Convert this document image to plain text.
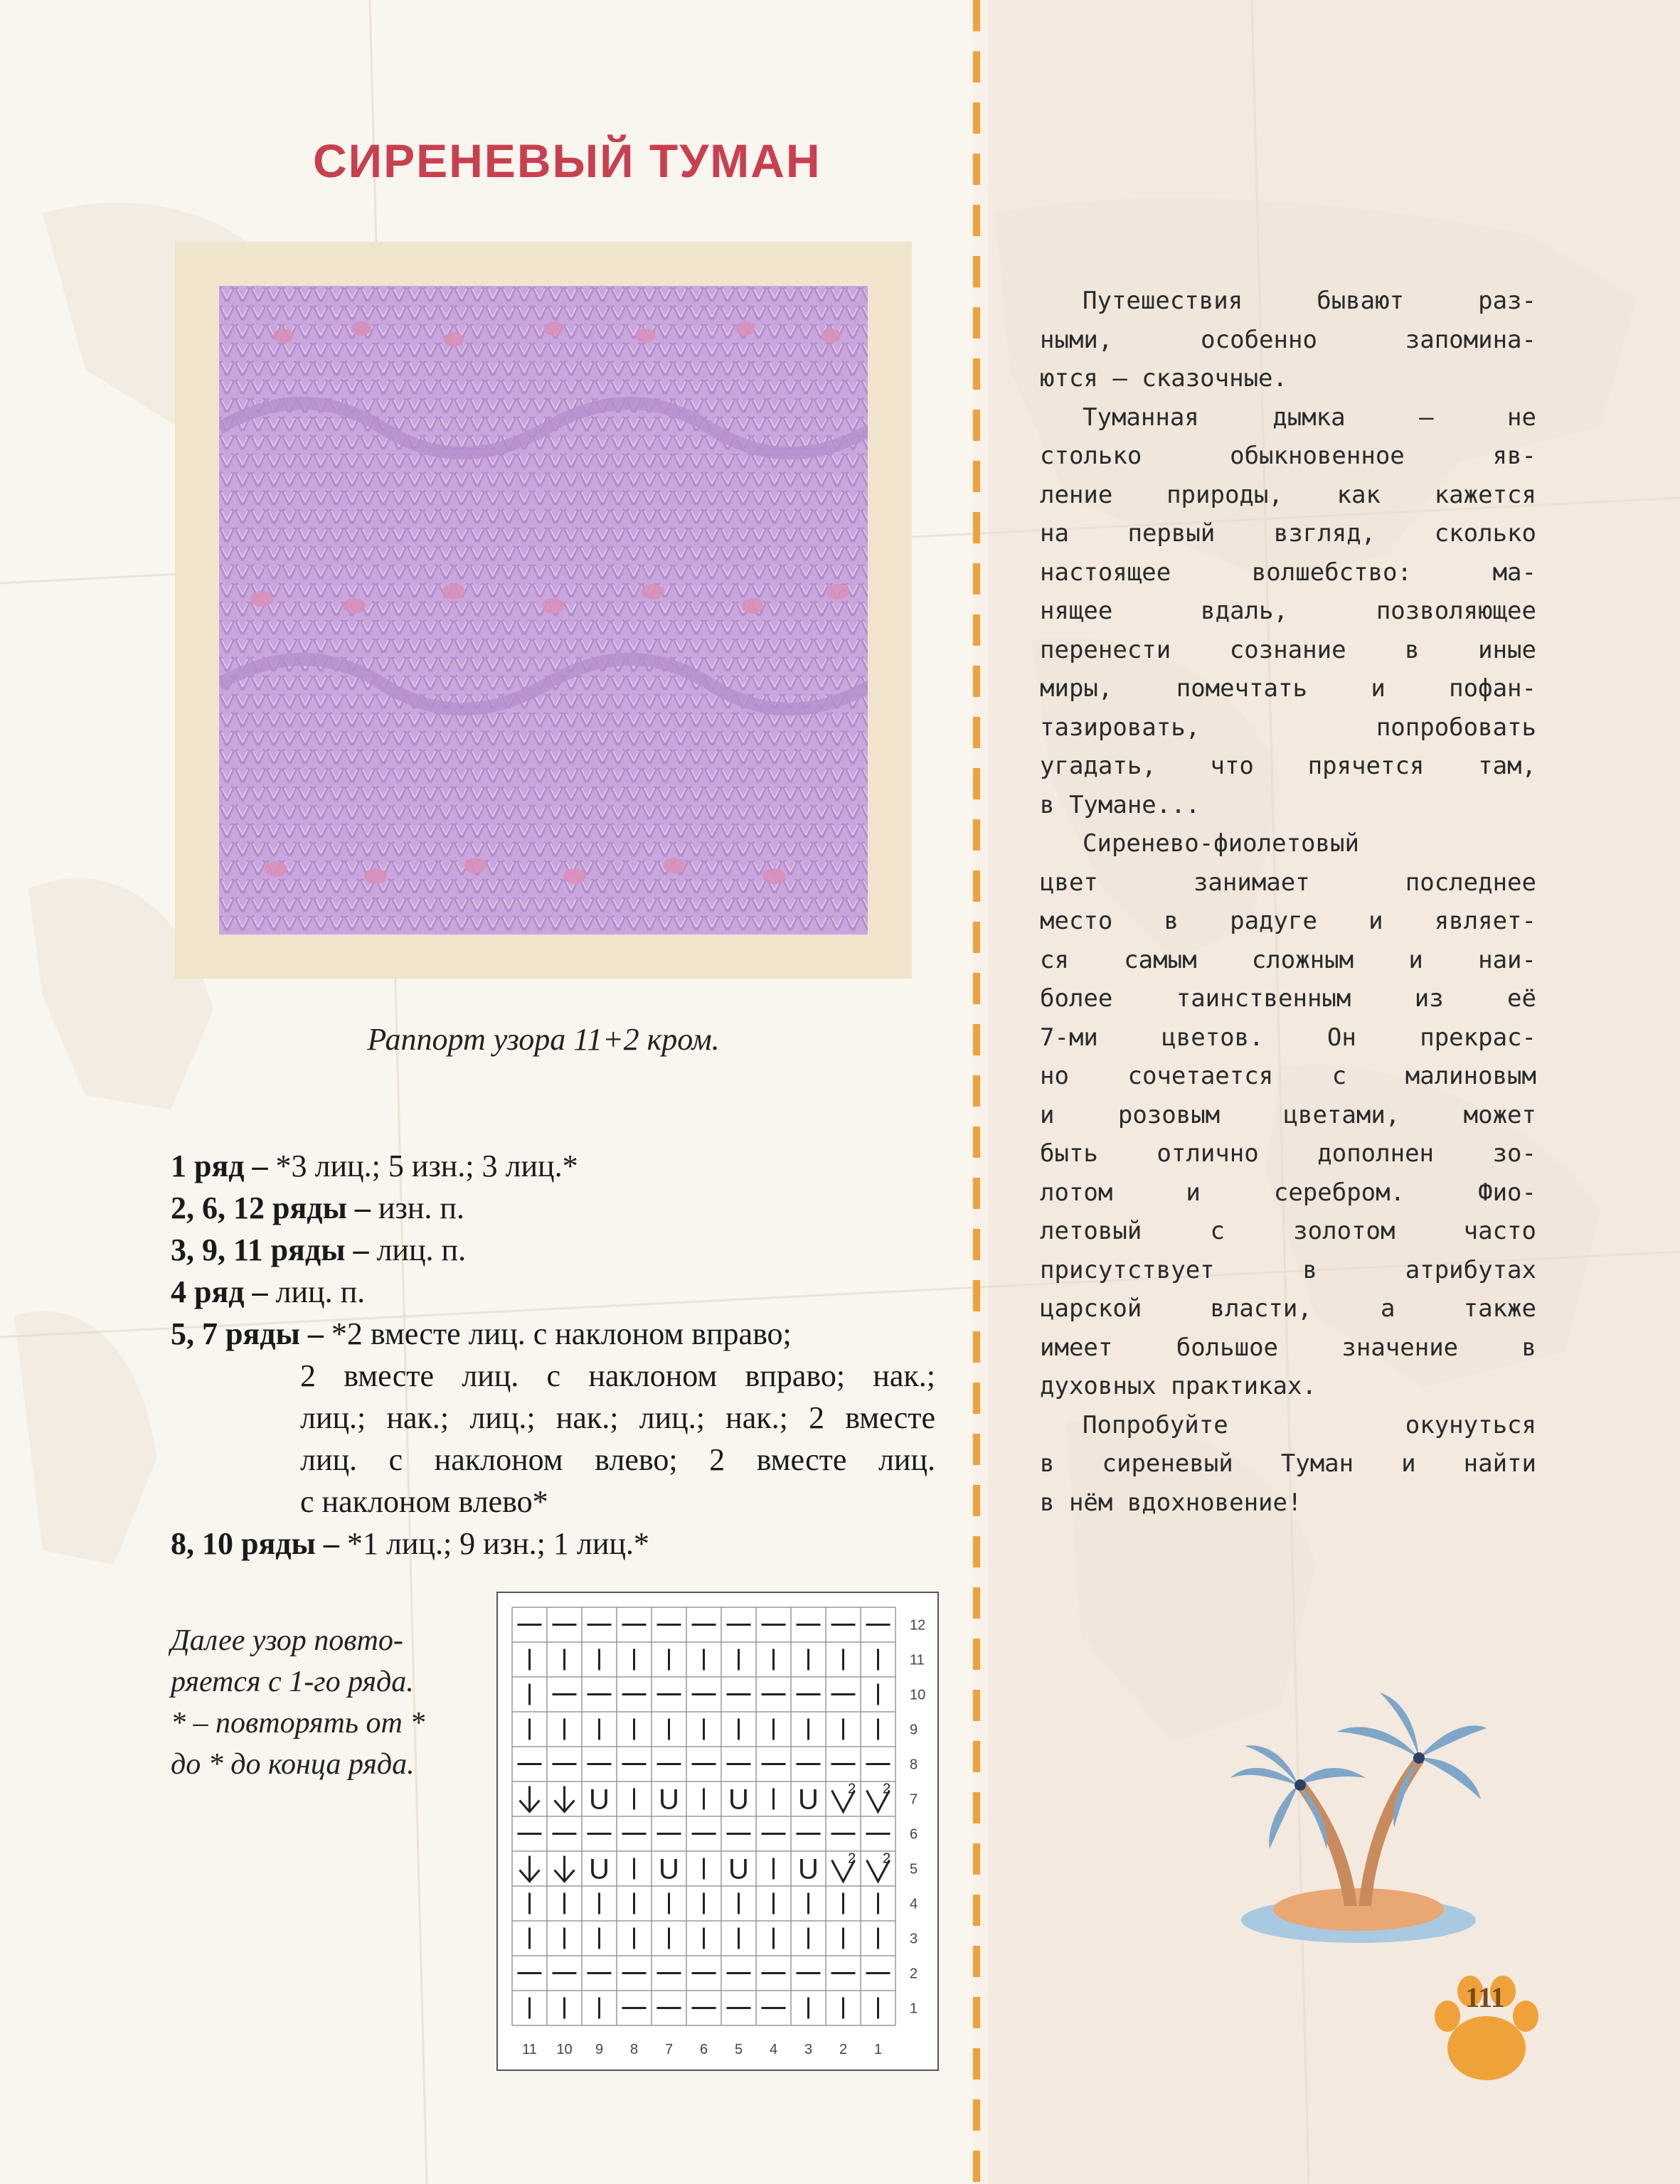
СИРЕНЕВЫЙ ТУМАН
Раппорт узора 11+2 кром.

1 ряд – *3 лиц.; 5 изн.; 3 лиц.*

2, 6, 12 ряды – изн. п.

3, 9, 11 ряды – лиц. п.

4 ряд – лиц. п.

5, 7 ряды – *2 вместе лиц. с наклоном вправо;

2 вместе лиц. с наклоном вправо; нак.;

лиц.; нак.; лиц.; нак.; лиц.; нак.; 2 вместе

лиц. с наклоном влево; 2 вместе лиц.

с наклоном влево*

8, 10 ряды – *1 лиц.; 9 изн.; 1 лиц.*

Далее узор повто-
ряется с 1-го ряда.
* – повторять от *
до * до конца ряда.
12
11
10
9
8
U U U U 2 2
7
6
U U U U 2 2
5
4
3
2
1
11 10 9 8 7 6 5 4 3 2 1
Путешествия бывают раз-
ными, особенно запомина-
ются – сказочные.
Туманная дымка – не
столько обыкновенное яв-
ление природы, как кажется
на первый взгляд, сколько
настоящее волшебство: ма-
нящее вдаль, позволяющее
перенести сознание в иные
миры, помечтать и пофан-
тазировать, попробовать
угадать, что прячется там,
в Тумане...
Сиренево-фиолетовый
цвет занимает последнее
место в радуге и являет-
ся самым сложным и наи-
более таинственным из её
7-ми цветов. Он прекрас-
но сочетается с малиновым
и розовым цветами, может
быть отлично дополнен зо-
лотом и серебром. Фио-
летовый с золотом часто
присутствует в атрибутах
царской власти, а также
имеет большое значение в
духовных практиках.
Попробуйте окунуться
в сиреневый Туман и найти
в нём вдохновение!
111
